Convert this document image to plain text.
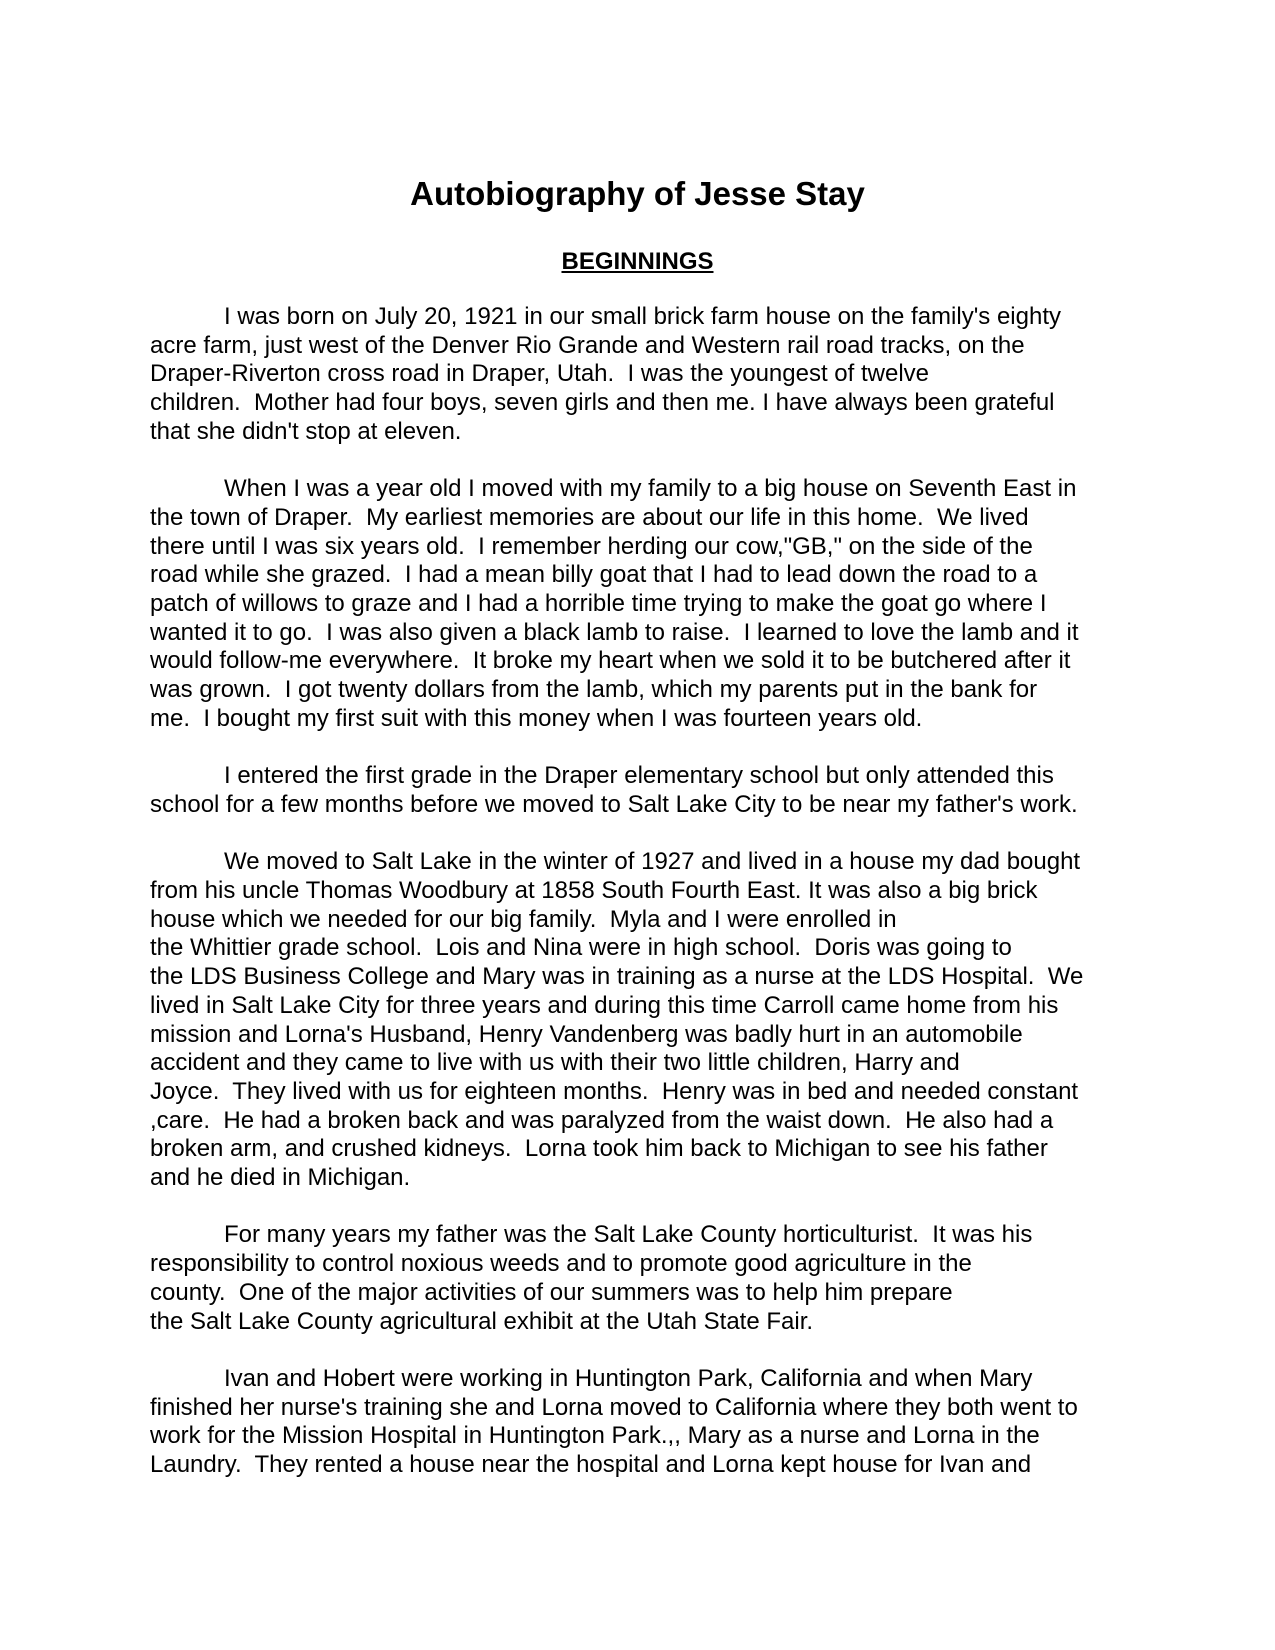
Autobiography of Jesse Stay
BEGINNINGS

I was born on July 20, 1921 in our small brick farm house on the family's eighty
acre farm, just west of the Denver Rio Grande and Western rail road tracks, on the
Draper-Riverton cross road in Draper, Utah.  I was the youngest of twelve
children.  Mother had four boys, seven girls and then me. I have always been grateful
that she didn't stop at eleven.

When I was a year old I moved with my family to a big house on Seventh East in
the town of Draper.  My earliest memories are about our life in this home.  We lived
there until I was six years old.  I remember herding our cow,"GB," on the side of the
road while she grazed.  I had a mean billy goat that I had to lead down the road to a
patch of willows to graze and I had a horrible time trying to make the goat go where I
wanted it to go.  I was also given a black lamb to raise.  I learned to love the lamb and it
would follow-me everywhere.  It broke my heart when we sold it to be butchered after it
was grown.  I got twenty dollars from the lamb, which my parents put in the bank for
me.  I bought my first suit with this money when I was fourteen years old.

I entered the first grade in the Draper elementary school but only attended this
school for a few months before we moved to Salt Lake City to be near my father's work.

We moved to Salt Lake in the winter of 1927 and lived in a house my dad bought
from his uncle Thomas Woodbury at 1858 South Fourth East. It was also a big brick
house which we needed for our big family.  Myla and I were enrolled in
the Whittier grade school.  Lois and Nina were in high school.  Doris was going to
the LDS Business College and Mary was in training as a nurse at the LDS Hospital.  We
lived in Salt Lake City for three years and during this time Carroll came home from his
mission and Lorna's Husband, Henry Vandenberg was badly hurt in an automobile
accident and they came to live with us with their two little children, Harry and
Joyce.  They lived with us for eighteen months.  Henry was in bed and needed constant
,care.  He had a broken back and was paralyzed from the waist down.  He also had a
broken arm, and crushed kidneys.  Lorna took him back to Michigan to see his father
and he died in Michigan.

For many years my father was the Salt Lake County horticulturist.  It was his
responsibility to control noxious weeds and to promote good agriculture in the
county.  One of the major activities of our summers was to help him prepare
the Salt Lake County agricultural exhibit at the Utah State Fair.

Ivan and Hobert were working in Huntington Park, California and when Mary
finished her nurse's training she and Lorna moved to California where they both went to
work for the Mission Hospital in Huntington Park.,, Mary as a nurse and Lorna in the
Laundry.  They rented a house near the hospital and Lorna kept house for Ivan and
